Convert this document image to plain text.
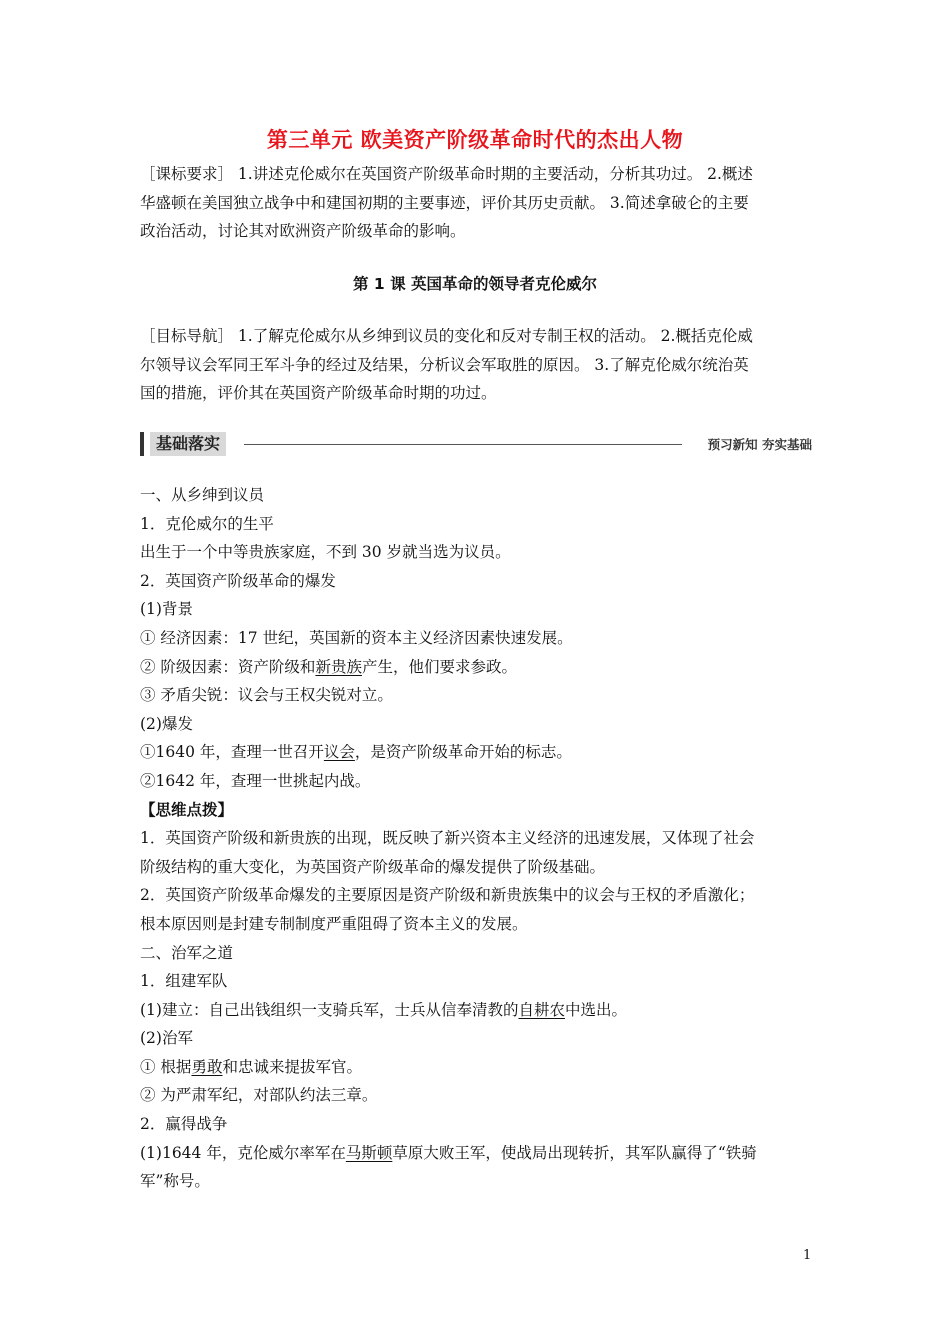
第三单元 欧美资产阶级革命时代的杰出人物
［课标要求］ 1.讲述克伦威尔在英国资产阶级革命时期的主要活动，分析其功过。 2.概述
华盛顿在美国独立战争中和建国初期的主要事迹，评价其历史贡献。 3.简述拿破仑的主要
政治活动，讨论其对欧洲资产阶级革命的影响。
第 1 课 英国革命的领导者克伦威尔
［目标导航］ 1.了解克伦威尔从乡绅到议员的变化和反对专制王权的活动。 2.概括克伦威
尔领导议会军同王军斗争的经过及结果，分析议会军取胜的原因。 3.了解克伦威尔统治英
国的措施，评价其在英国资产阶级革命时期的功过。
基础落实	预习新知 夯实基础
一、从乡绅到议员
1．克伦威尔的生平
出生于一个中等贵族家庭，不到 30 岁就当选为议员。
2．英国资产阶级革命的爆发
(1)背景
① 经济因素：17 世纪，英国新的资本主义经济因素快速发展。
② 阶级因素：资产阶级和新贵族产生，他们要求参政。
③ 矛盾尖锐：议会与王权尖锐对立。
(2)爆发
①1640 年，查理一世召开议会，是资产阶级革命开始的标志。
②1642 年，查理一世挑起内战。
【思维点拨】
1．英国资产阶级和新贵族的出现，既反映了新兴资本主义经济的迅速发展，又体现了社会
阶级结构的重大变化，为英国资产阶级革命的爆发提供了阶级基础。
2．英国资产阶级革命爆发的主要原因是资产阶级和新贵族集中的议会与王权的矛盾激化；
根本原因则是封建专制制度严重阻碍了资本主义的发展。
二、治军之道
1．组建军队
(1)建立：自己出钱组织一支骑兵军，士兵从信奉清教的自耕农中选出。
(2)治军
① 根据勇敢和忠诚来提拔军官。
② 为严肃军纪，对部队约法三章。
2．赢得战争
(1)1644 年，克伦威尔率军在马斯顿草原大败王军，使战局出现转折，其军队赢得了“铁骑
军”称号。
1
